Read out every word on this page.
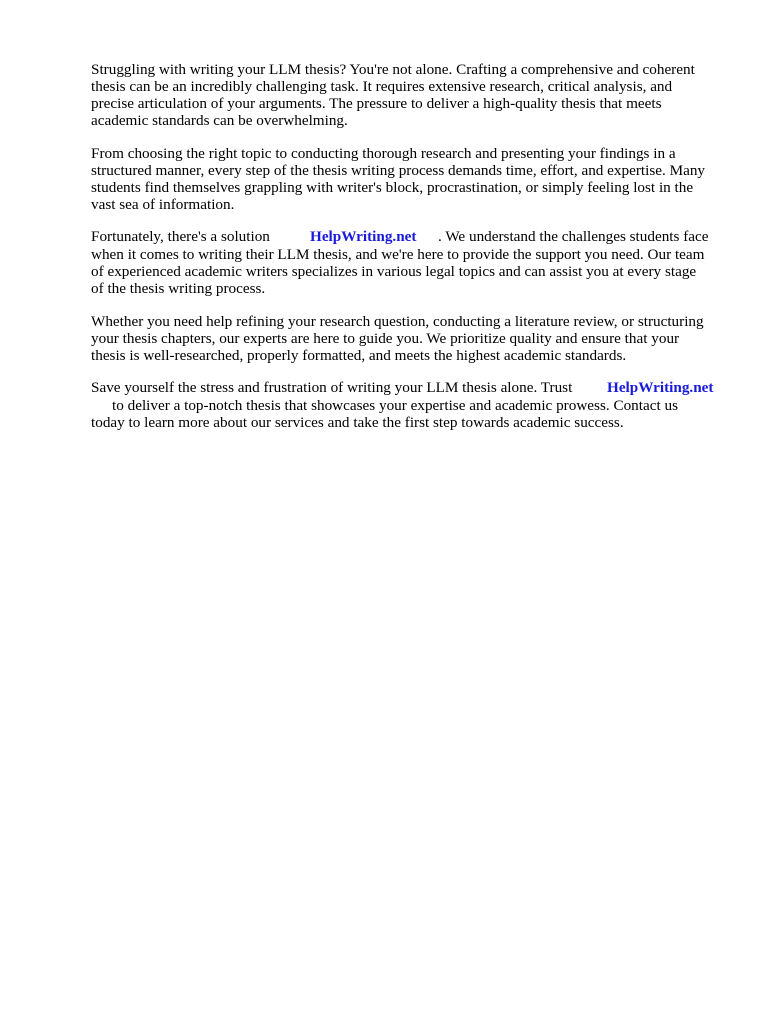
Struggling with writing your LLM thesis? You're not alone. Crafting a comprehensive and coherent
thesis can be an incredibly challenging task. It requires extensive research, critical analysis, and
precise articulation of your arguments. The pressure to deliver a high-quality thesis that meets
academic standards can be overwhelming.
From choosing the right topic to conducting thorough research and presenting your findings in a
structured manner, every step of the thesis writing process demands time, effort, and expertise. Many
students find themselves grappling with writer's block, procrastination, or simply feeling lost in the
vast sea of information.
Fortunately, there's a solution	HelpWriting.net . We understand the challenges students face
when it comes to writing their LLM thesis, and we're here to provide the support you need. Our team
of experienced academic writers specializes in various legal topics and can assist you at every stage
of the thesis writing process.
Whether you need help refining your research question, conducting a literature review, or structuring
your thesis chapters, our experts are here to guide you. We prioritize quality and ensure that your
thesis is well-researched, properly formatted, and meets the highest academic standards.
Save yourself the stress and frustration of writing your LLM thesis alone. Trust HelpWriting.net
to deliver a top-notch thesis that showcases your expertise and academic prowess. Contact us
today to learn more about our services and take the first step towards academic success.
